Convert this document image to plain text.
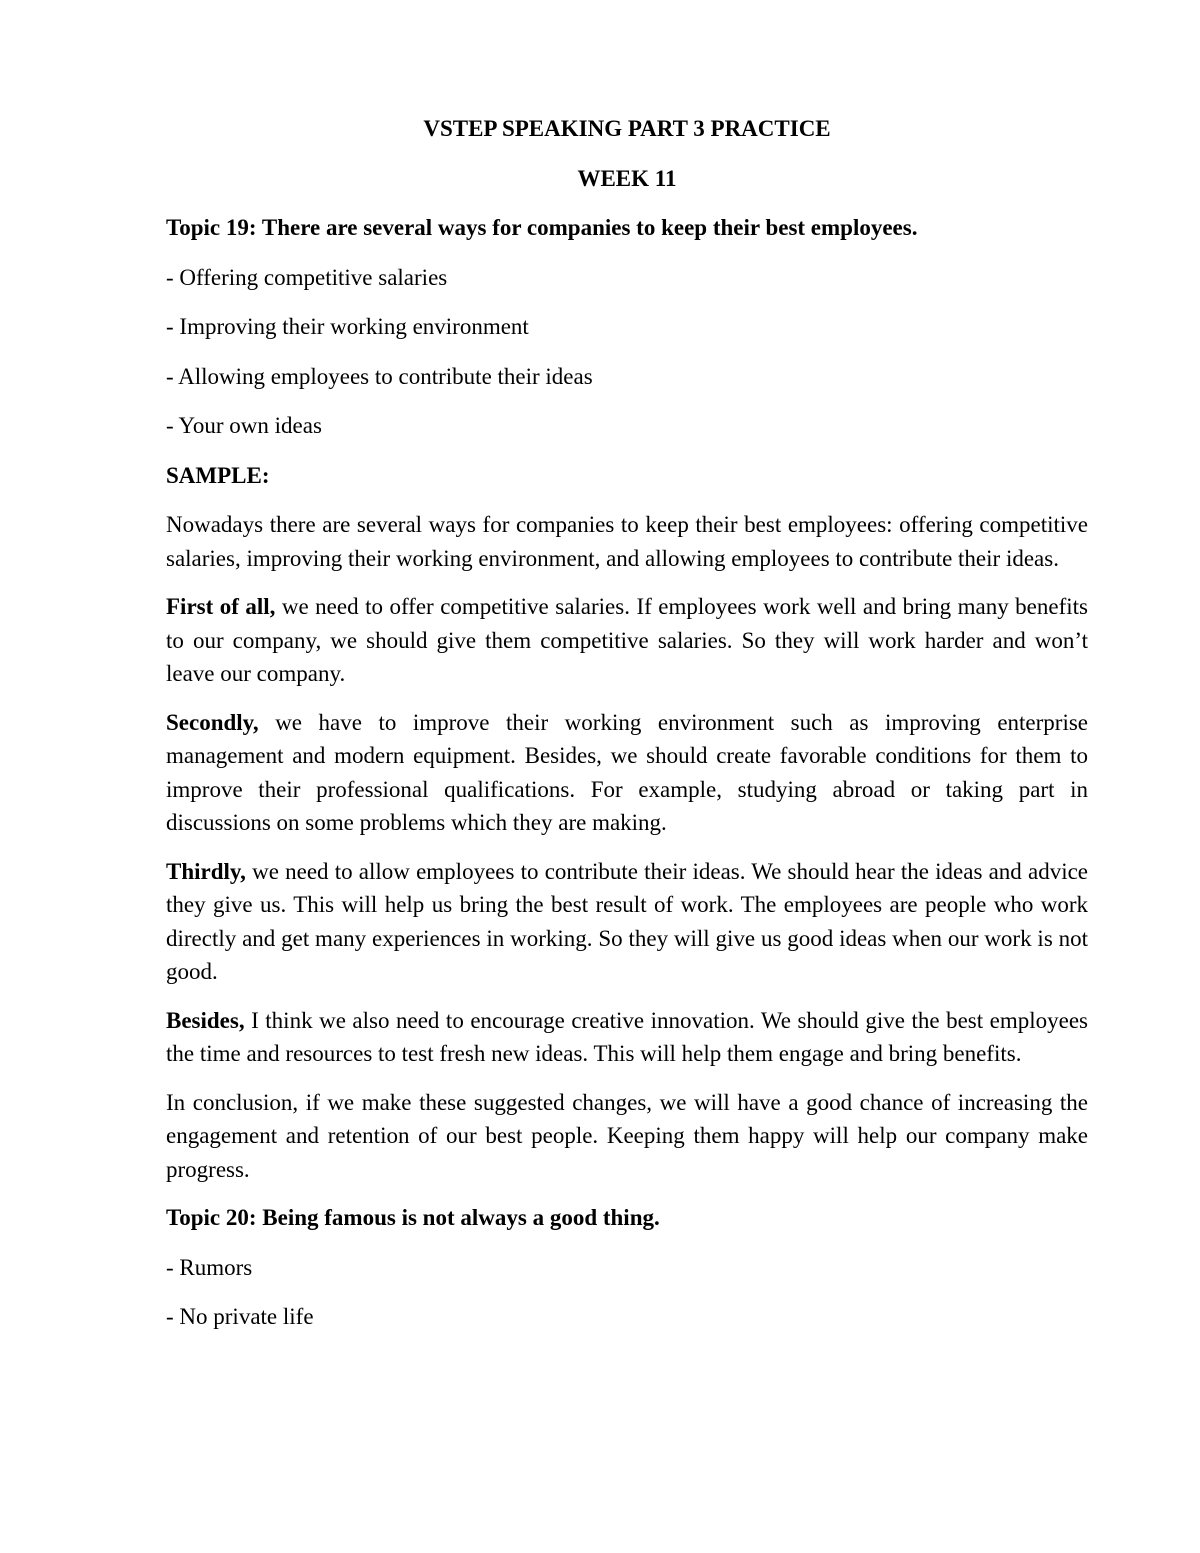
VSTEP SPEAKING PART 3 PRACTICE
WEEK 11
Topic 19: There are several ways for companies to keep their best employees.
- Offering competitive salaries
- Improving their working environment
- Allowing employees to contribute their ideas
- Your own ideas
SAMPLE:
Nowadays there are several ways for companies to keep their best employees: offering competitive salaries, improving their working environment, and allowing employees to contribute their ideas.
First of all, we need to offer competitive salaries. If employees work well and bring many benefits to our company, we should give them competitive salaries. So they will work harder and won’t leave our company.
Secondly, we have to improve their working environment such as improving enterprise management and modern equipment. Besides, we should create favorable conditions for them to improve their professional qualifications. For example, studying abroad or taking part in discussions on some problems which they are making.
Thirdly, we need to allow employees to contribute their ideas. We should hear the ideas and advice they give us. This will help us bring the best result of work. The employees are people who work directly and get many experiences in working. So they will give us good ideas when our work is not good.
Besides, I think we also need to encourage creative innovation. We should give the best employees the time and resources to test fresh new ideas. This will help them engage and bring benefits.
In conclusion, if we make these suggested changes, we will have a good chance of increasing the engagement and retention of our best people. Keeping them happy will help our company make progress.
Topic 20: Being famous is not always a good thing.
- Rumors
- No private life
